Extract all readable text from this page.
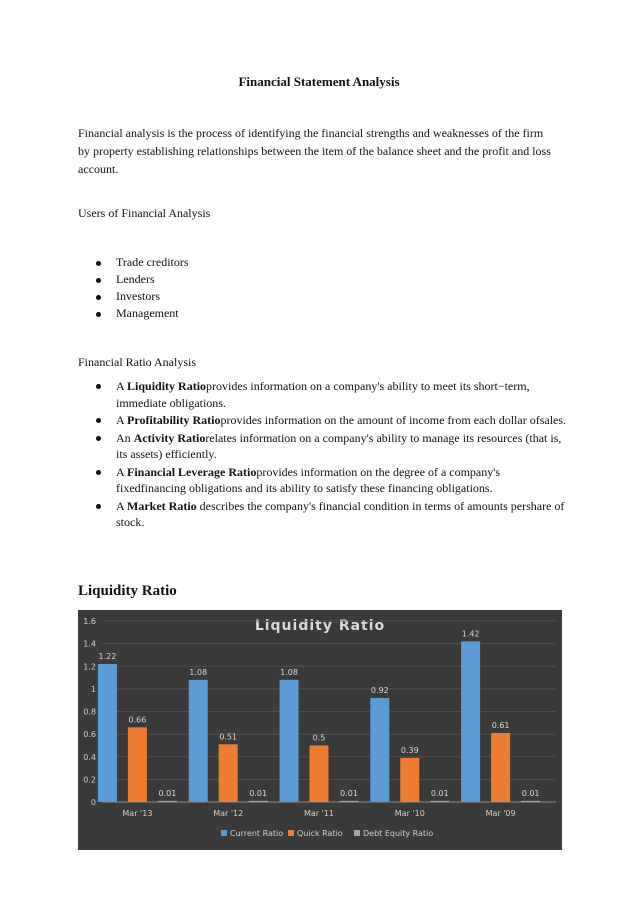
Financial Statement Analysis
Financial analysis is the process of identifying the financial strengths and weaknesses of the firm by property establishing relationships between the item of the balance sheet and the profit and loss account.
Users of Financial Analysis
Trade creditors
Lenders
Investors
Management
Financial Ratio Analysis
A Liquidity Ratioprovides information on a company's ability to meet its short−term, immediate obligations.
A Profitability Ratioprovides information on the amount of income from each dollar ofsales.
An Activity Ratiorelates information on a company's ability to manage its resources (that is, its assets) efficiently.
A Financial Leverage Ratioprovides information on the degree of a company's fixedfinancing obligations and its ability to satisfy these financing obligations.
A Market Ratio describes the company's financial condition in terms of amounts pershare of stock.
Liquidity Ratio
Liquidity Ratio
0
0.2
0.4
0.6
0.8
1
1.2
1.4
1.6
1.22
0.66
0.01
Mar '13
1.08
0.51
0.01
Mar '12
1.08
0.5
0.01
Mar '11
0.92
0.39
0.01
Mar '10
1.42
0.61
0.01
Mar '09
Current Ratio Quick Ratio	Debt Equity Ratio
